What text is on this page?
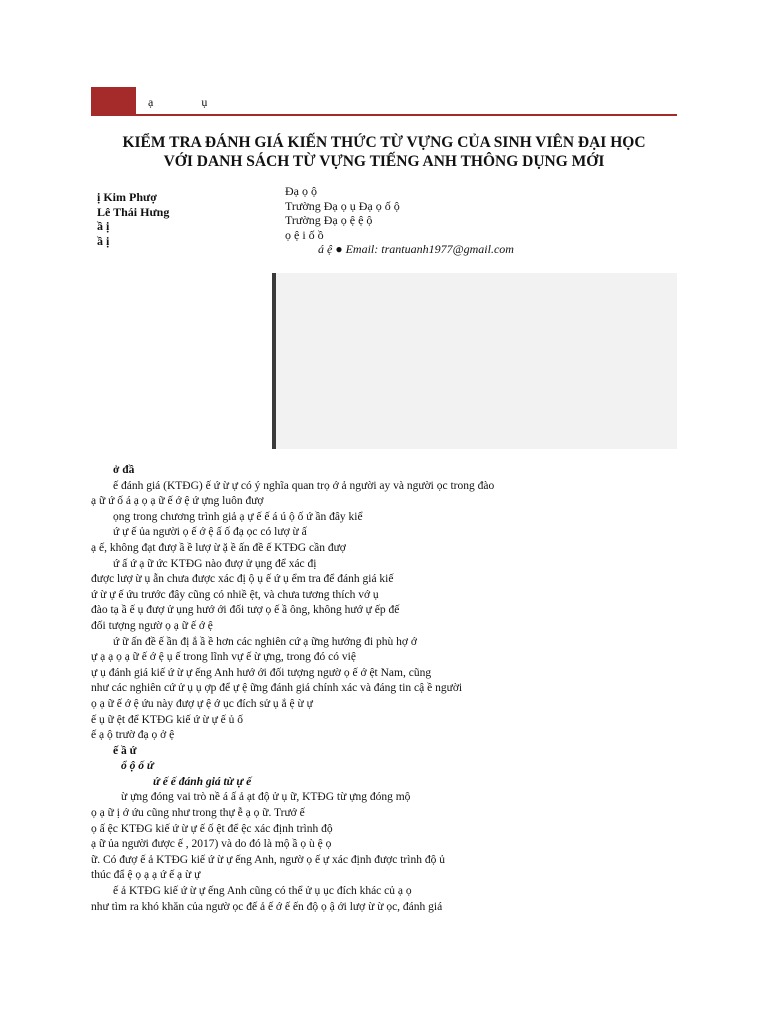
ạ ụ
KIỂM TRA ĐÁNH GIÁ KIẾN THỨC TỪ VỰNG CỦA SINH VIÊN ĐẠI HỌC
VỚI DANH SÁCH TỪ VỰNG TIẾNG ANH THÔNG DỤNG MỚI
ị Kim Phượ
Lê Thái Hưng
ầ ị
ầ ị
Đạ ọ ộ
Trường Đạ ọ ụ Đạ ọ ố ộ
Trường Đạ ọ ệ ệ ộ
ọ ệ i ố ồ
á ệ ● Email: trantuanh1977@gmail.com
ở đầ
ế đánh giá (KTĐG) ế ứ ừ ự có ý nghĩa quan trọ ớ ả người ay và người ọc trong đào
ạ ữ ứ ố á ạ ọ ạ ữ ế ớ ệ ứ ựng luôn đượ
ọng trong chương trình giả ạ ự ế ế á ú ộ ố ứ ần đây kiể
ứ ự ế ủa người ọ ế ớ ệ ấ ố đạ ọc có lượ ừ ấ
ạ ế, không đạt đượ ầ ề lượ ừ ặ ề ấn đề ế KTĐG cần đượ
ứ ấ ứ ạ ữ ức KTĐG nào đượ ử ụng để xác đị
được lượ ừ ụ ẫn chưa được xác đị ộ ụ ế ứ ụ ểm tra để đánh giá kiế
ứ ừ ự ế ứu trước đây cũng có nhiề ệt, và chưa tương thích vớ ụ
đào tạ ầ ế ụ đượ ử ụng hướ ới đối tượ ọ ế ầ ông, không hướ ự ếp đế
đối tượng ngườ ọ ạ ữ ế ớ ệ
ứ ữ ấn đề ế ần đị ắ ầ ề hơn các nghiên cứ ạ ững hướng đi phù hợ ớ
ự ạ ạ ọ ạ ữ ế ớ ệ ụ ế trong lĩnh vự ế ừ ựng, trong đó có việ
ự ụ đánh giá kiế ứ ừ ự ếng Anh hướ ới đối tượng ngườ ọ ế ớ ệt Nam, cũng
như các nghiên cứ ử ụ ụ ợp để ự ệ ững đánh giá chính xác và đáng tin cậ ề người
ọ ạ ữ ế ớ ệ ứu này đượ ự ệ ớ ục đích sử ụ ắ ệ ừ ự
ế ụ ữ ệt để KTĐG kiế ứ ừ ự ế ủ ố
ế ạ ộ trườ đạ ọ ở ệ
ế ầ ứ
ổ ộ ố ứ
ứ ế ế đánh giá từ ự ế
ừ ựng đóng vai trò nề á ấ ả ạt độ ử ụ ữ, KTĐG từ ựng đóng mộ
ọ ạ ữ ị ớ ứu cũng như trong thự ễ ạ ọ ữ. Trướ ế
ọ ấ ệc KTĐG kiế ứ ừ ự ế ố ệt để ệc xác định trình độ
ạ ữ ủa người được ế , 2017) và do đó là mộ ầ ọ ù ệ ọ
ữ. Có đượ ế ả KTĐG kiế ứ ừ ự ếng Anh, ngườ ọ ế ự xác định được trình độ ủ
thúc đẩ ệ ọ ạ ạ ứ ế ạ ừ ự
ế ả KTĐG kiế ứ ừ ự ếng Anh cũng có thể ử ụ ục đích khác củ ạ ọ
như tìm ra khó khăn của ngườ ọc đế ả ế ớ ế ến độ ọ ậ ới lượ ừ ừ ọc, đánh giá
